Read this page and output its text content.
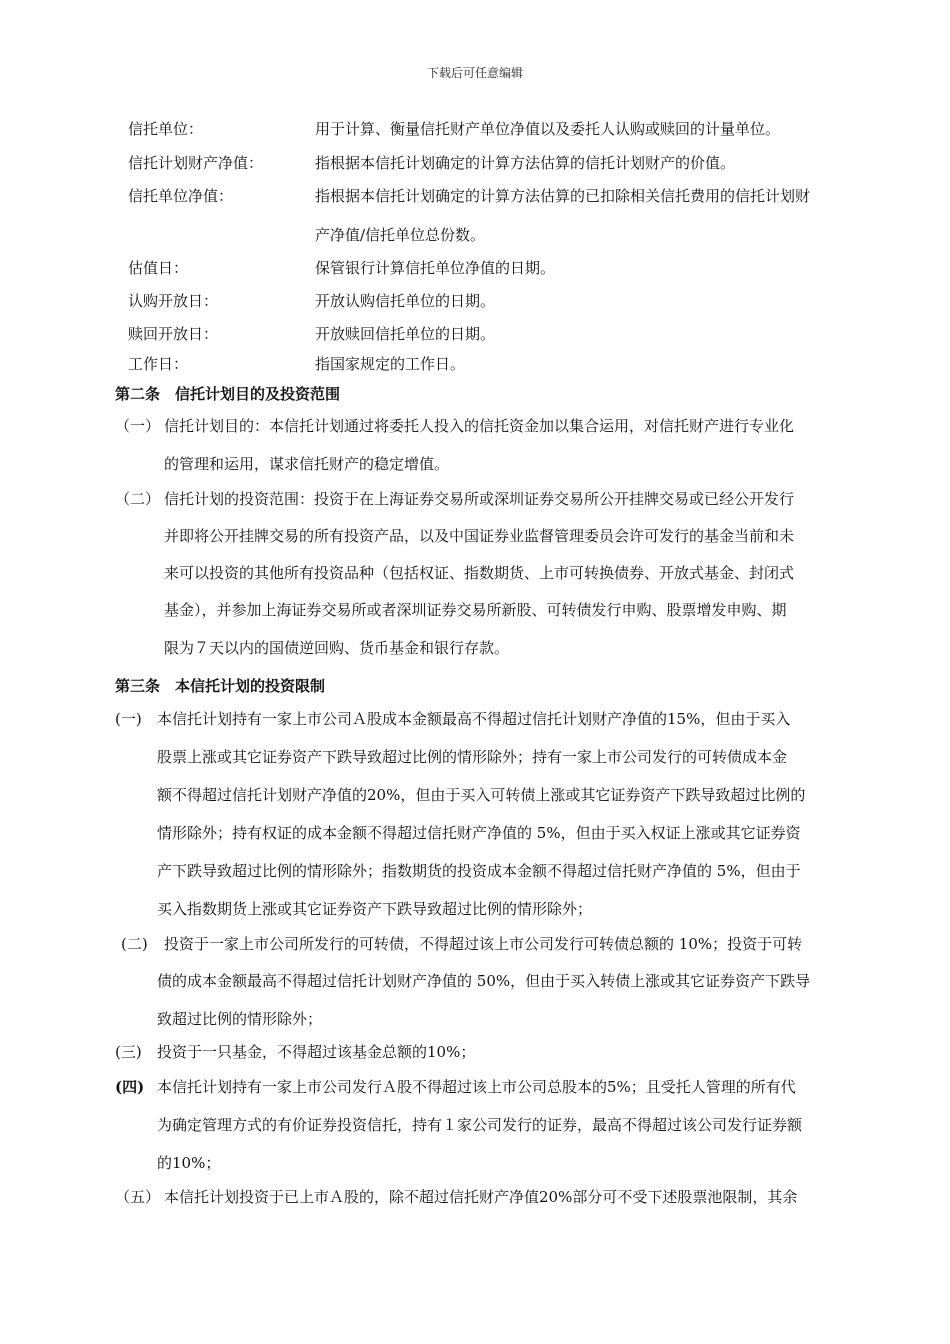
下载后可任意编辑
信托单位：	用于计算、衡量信托财产单位净值以及委托人认购或赎回的计量单位。
信托计划财产净值：	指根据本信托计划确定的计算方法估算的信托计划财产的价值。
信托单位净值：	指根据本信托计划确定的计算方法估算的已扣除相关信托费用的信托计划财
产净值/信托单位总份数。
估值日：	保管银行计算信托单位净值的日期。
认购开放日：	开放认购信托单位的日期。
赎回开放日：	开放赎回信托单位的日期。
工作日：	指国家规定的工作日。
第二条　信托计划目的及投资范围
（一） 信托计划目的：本信托计划通过将委托人投入的信托资金加以集合运用，对信托财产进行专业化
的管理和运用，谋求信托财产的稳定增值。
（二） 信托计划的投资范围：投资于在上海证券交易所或深圳证券交易所公开挂牌交易或已经公开发行
并即将公开挂牌交易的所有投资产品，以及中国证券业监督管理委员会许可发行的基金当前和未
来可以投资的其他所有投资品种（包括权证、指数期货、上市可转换债券、开放式基金、封闭式
基金），并参加上海证券交易所或者深圳证券交易所新股、可转债发行申购、股票增发申购、期
限为７天以内的国债逆回购、货币基金和银行存款。
第三条　本信托计划的投资限制
(一) 本信托计划持有一家上市公司Ａ股成本金额最高不得超过信托计划财产净值的15%，但由于买入
股票上涨或其它证券资产下跌导致超过比例的情形除外；持有一家上市公司发行的可转债成本金
额不得超过信托计划财产净值的20%，但由于买入可转债上涨或其它证券资产下跌导致超过比例的
情形除外；持有权证的成本金额不得超过信托财产净值的 5%，但由于买入权证上涨或其它证券资
产下跌导致超过比例的情形除外；指数期货的投资成本金额不得超过信托财产净值的 5%，但由于
买入指数期货上涨或其它证券资产下跌导致超过比例的情形除外；
(二) 投资于一家上市公司所发行的可转债，不得超过该上市公司发行可转债总额的 10%；投资于可转
债的成本金额最高不得超过信托计划财产净值的 50%，但由于买入转债上涨或其它证券资产下跌导
致超过比例的情形除外；
(三) 投资于一只基金，不得超过该基金总额的10%；
(四) 本信托计划持有一家上市公司发行Ａ股不得超过该上市公司总股本的5%；且受托人管理的所有代
为确定管理方式的有价证券投资信托，持有１家公司发行的证券，最高不得超过该公司发行证券额
的10%；
（五） 本信托计划投资于已上市Ａ股的，除不超过信托财产净值20%部分可不受下述股票池限制，其余
